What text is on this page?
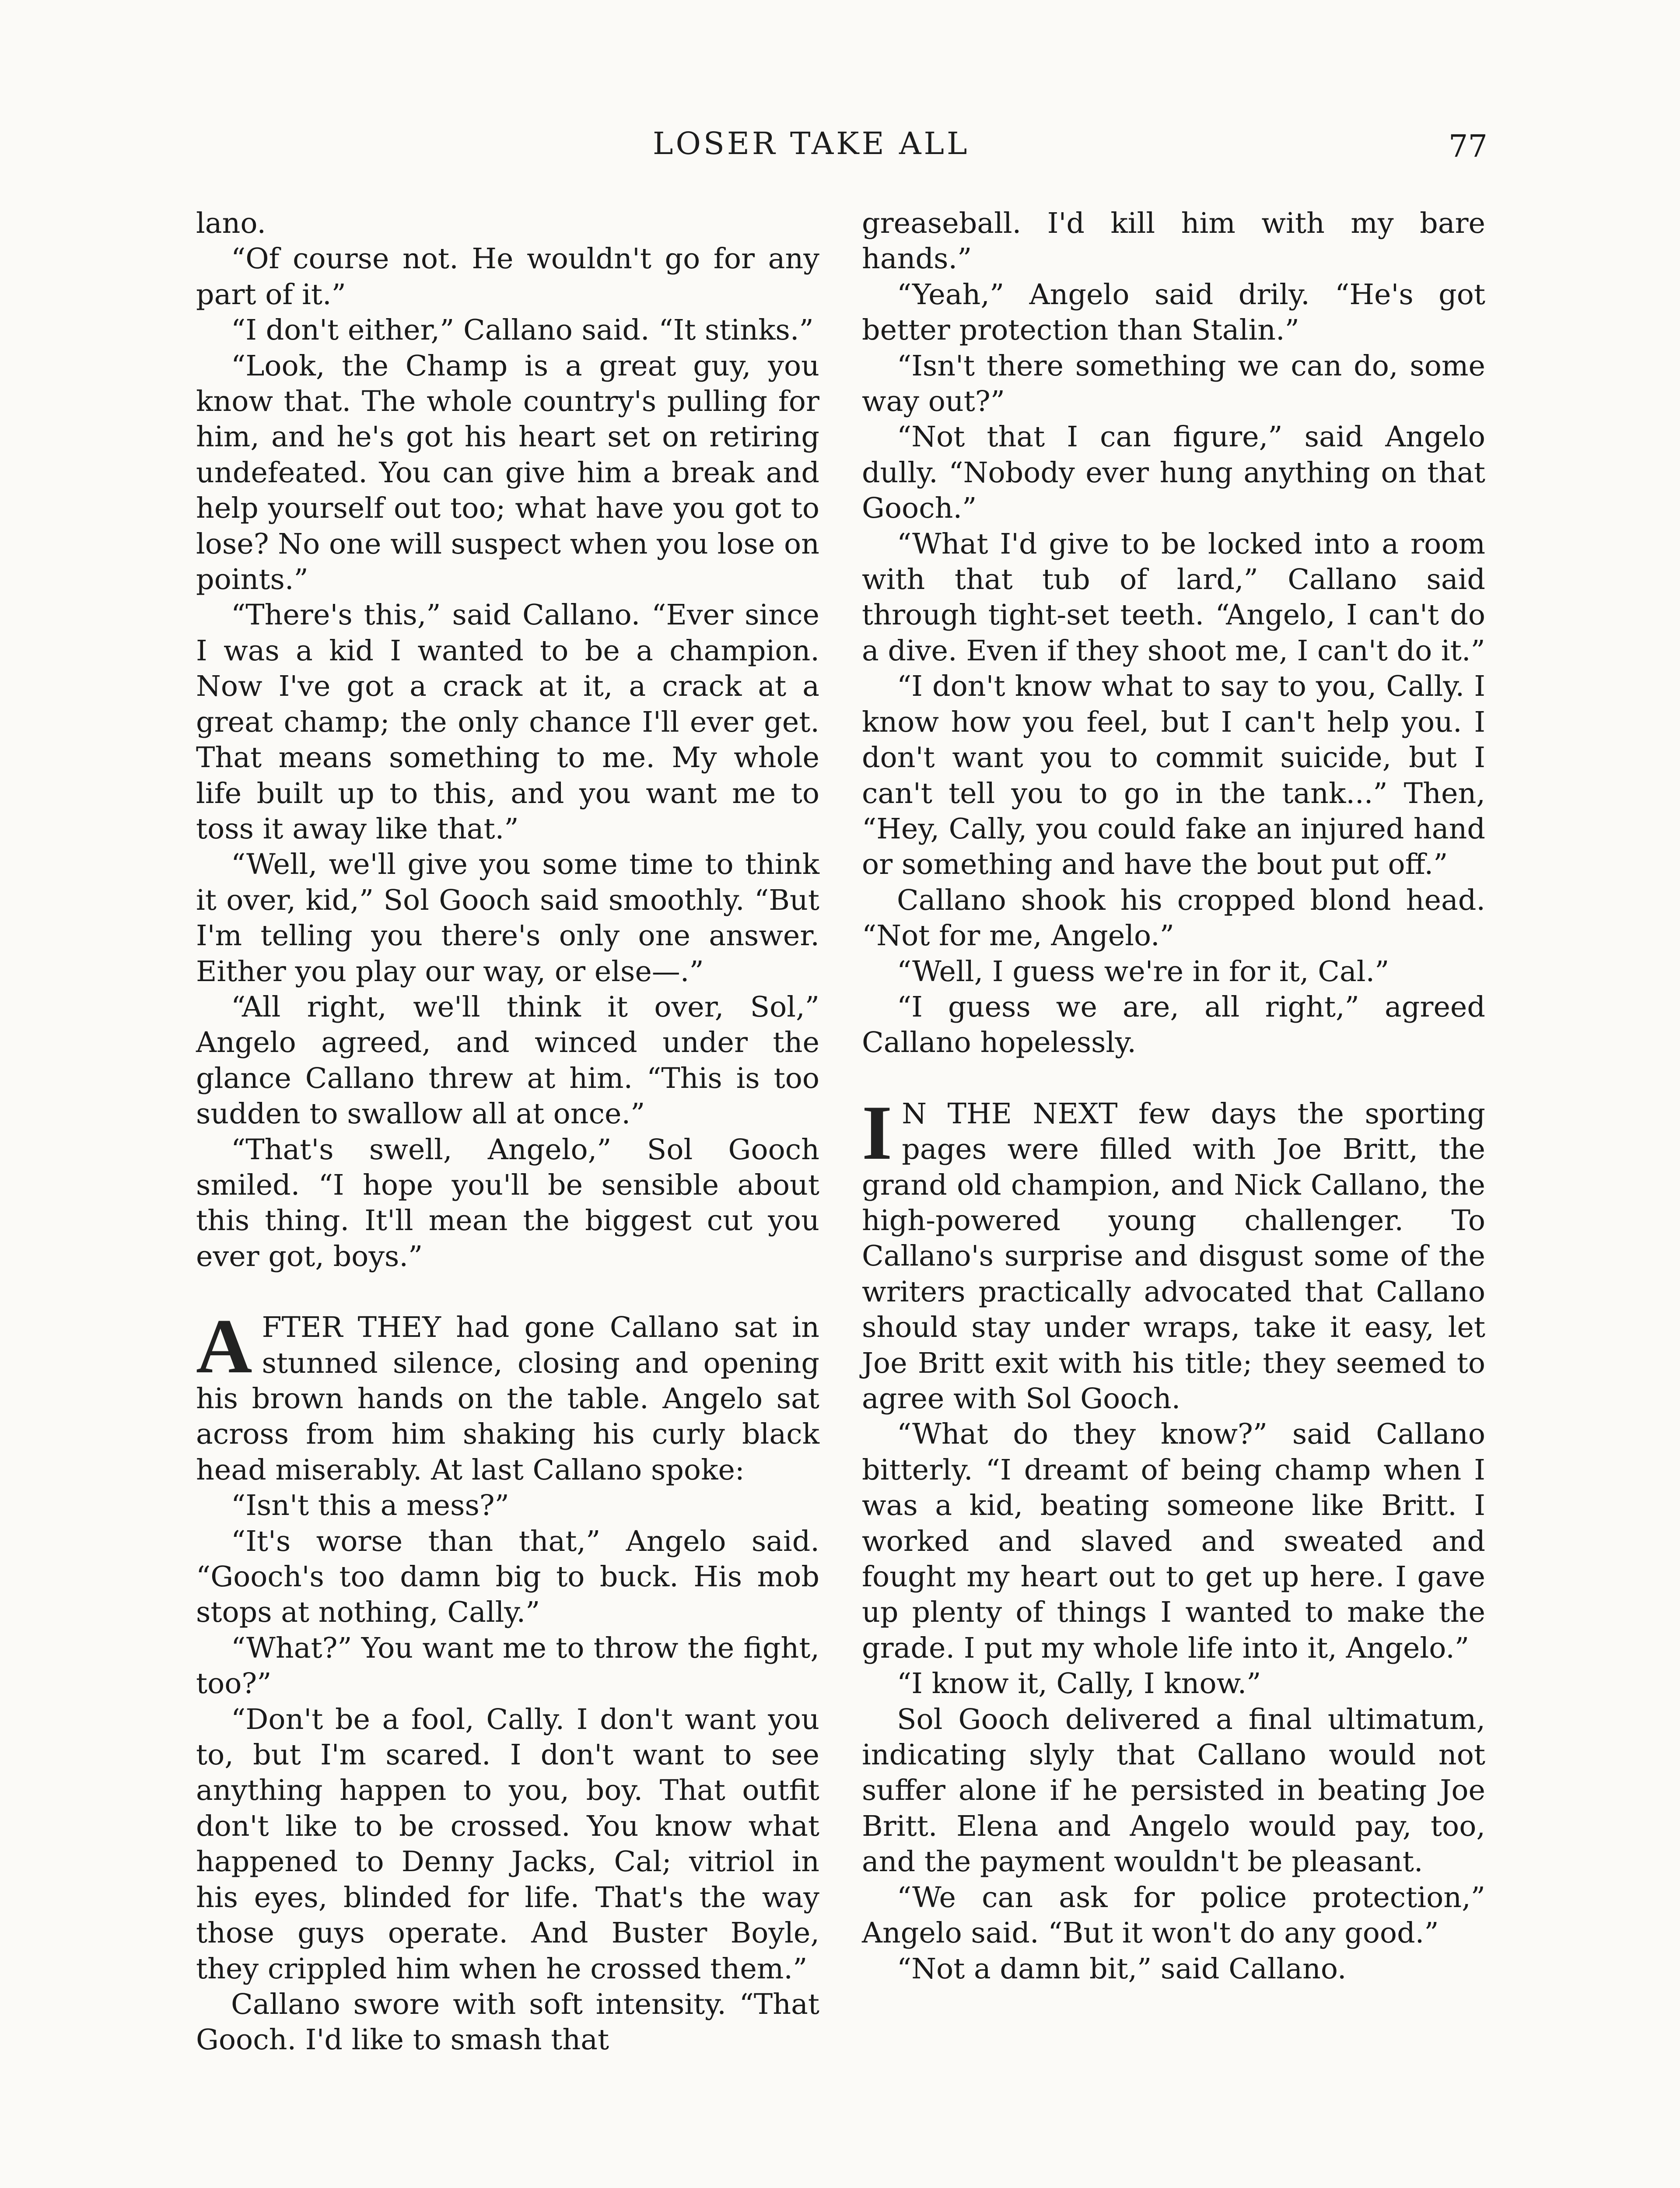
LOSER TAKE ALL	77

lano.

“Of course not. He wouldn't go for any part of it.”

“I don't either,” Callano said. “It stinks.”

“Look, the Champ is a great guy, you know that. The whole country's pulling for him, and he's got his heart set on retiring undefeated. You can give him a break and help yourself out too; what have you got to lose? No one will suspect when you lose on points.”

“There's this,” said Callano. “Ever since I was a kid I wanted to be a champion. Now I've got a crack at it, a crack at a great champ; the only chance I'll ever get. That means something to me. My whole life built up to this, and you want me to toss it away like that.”

“Well, we'll give you some time to think it over, kid,” Sol Gooch said smoothly. “But I'm telling you there's only one answer. Either you play our way, or else—.”

“All right, we'll think it over, Sol,” Angelo agreed, and winced under the glance Callano threw at him. “This is too sudden to swallow all at once.”

“That's swell, Angelo,” Sol Gooch smiled. “I hope you'll be sensible about this thing. It'll mean the biggest cut you ever got, boys.”

AFTER THEY had gone Callano sat in stunned silence, closing and opening his brown hands on the table. Angelo sat across from him shaking his curly black head miserably. At last Callano spoke:

“Isn't this a mess?”

“It's worse than that,” Angelo said. “Gooch's too damn big to buck. His mob stops at nothing, Cally.”

“What?” You want me to throw the fight, too?”

“Don't be a fool, Cally. I don't want you to, but I'm scared. I don't want to see anything happen to you, boy. That outfit don't like to be crossed. You know what happened to Denny Jacks, Cal; vitriol in his eyes, blinded for life. That's the way those guys operate. And Buster Boyle, they crippled him when he crossed them.”

Callano swore with soft intensity. “That Gooch. I'd like to smash that

greaseball. I'd kill him with my bare hands.”

“Yeah,” Angelo said drily. “He's got better protection than Stalin.”

“Isn't there something we can do, some way out?”

“Not that I can figure,” said Angelo dully. “Nobody ever hung anything on that Gooch.”

“What I'd give to be locked into a room with that tub of lard,” Callano said through tight-set teeth. “Angelo, I can't do a dive. Even if they shoot me, I can't do it.”

“I don't know what to say to you, Cally. I know how you feel, but I can't help you. I don't want you to commit suicide, but I can't tell you to go in the tank...” Then, “Hey, Cally, you could fake an injured hand or something and have the bout put off.”

Callano shook his cropped blond head. “Not for me, Angelo.”

“Well, I guess we're in for it, Cal.”

“I guess we are, all right,” agreed Callano hopelessly.

I N THE NEXT few days the sporting pages were filled with Joe Britt, the grand old champion, and Nick Callano, the high-powered young challenger. To Callano's surprise and disgust some of the writers practically advocated that Callano should stay under wraps, take it easy, let Joe Britt exit with his title; they seemed to agree with Sol Gooch.

“What do they know?” said Callano bitterly. “I dreamt of being champ when I was a kid, beating someone like Britt. I worked and slaved and sweated and fought my heart out to get up here. I gave up plenty of things I wanted to make the grade. I put my whole life into it, Angelo.”

“I know it, Cally, I know.”

Sol Gooch delivered a final ultimatum, indicating slyly that Callano would not suffer alone if he persisted in beating Joe Britt. Elena and Angelo would pay, too, and the payment wouldn't be pleasant.

“We can ask for police protection,” Angelo said. “But it won't do any good.”

“Not a damn bit,” said Callano.
